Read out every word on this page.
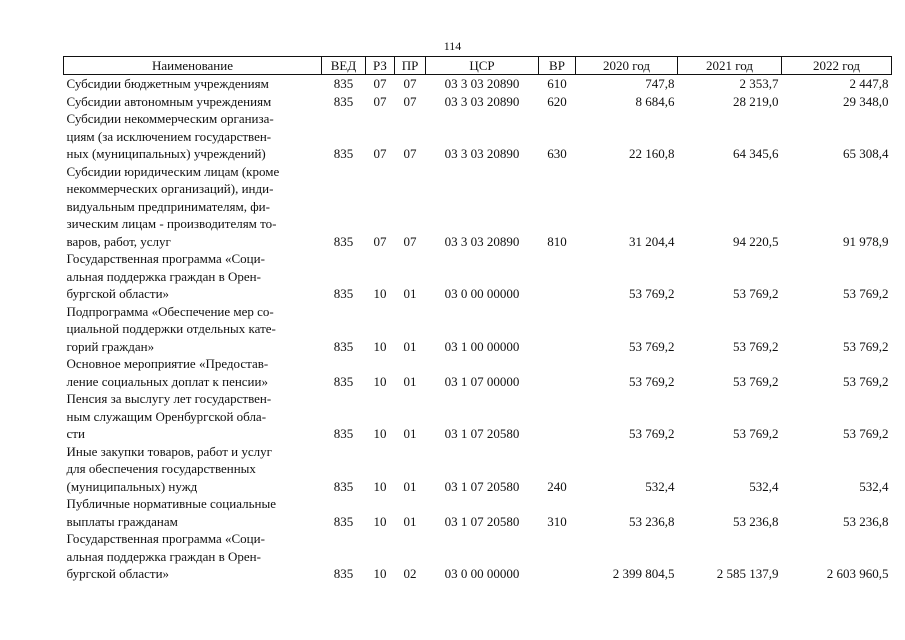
114
Наименование	ВЕД	РЗ	ПР	ЦСР	ВР	2020 год	2021 год	2022 год

Субсидии бюджетным учреждениям	835	07	07	03 3 03 20890	610	747,8	2 353,7	2 447,8

Субсидии автономным учреждениям	835	07	07	03 3 03 20890	620	8 684,6	28 219,0	29 348,0

Субсидии некоммерческим организа-
циям (за исключением государствен-
ных (муниципальных) учреждений)	835	07	07	03 3 03 20890	630	22 160,8	64 345,6	65 308,4

Субсидии юридическим лицам (кроме
некоммерческих организаций), инди-
видуальным предпринимателям, фи-
зическим лицам - производителям то-
варов, работ, услуг	835	07	07	03 3 03 20890	810	31 204,4	94 220,5	91 978,9

Государственная программа «Соци-
альная поддержка граждан в Орен-
бургской области»	835	10	01	03 0 00 00000		53 769,2	53 769,2	53 769,2

Подпрограмма «Обеспечение мер со-
циальной поддержки отдельных кате-
горий граждан»	835	10	01	03 1 00 00000		53 769,2	53 769,2	53 769,2

Основное мероприятие «Предостав-
ление социальных доплат к пенсии»	835	10	01	03 1 07 00000		53 769,2	53 769,2	53 769,2

Пенсия за выслугу лет государствен-
ным служащим Оренбургской обла-
сти	835	10	01	03 1 07 20580		53 769,2	53 769,2	53 769,2

Иные закупки товаров, работ и услуг
для обеспечения государственных
(муниципальных) нужд	835	10	01	03 1 07 20580	240	532,4	532,4	532,4

Публичные нормативные социальные
выплаты гражданам	835	10	01	03 1 07 20580	310	53 236,8	53 236,8	53 236,8

Государственная программа «Соци-
альная поддержка граждан в Орен-
бургской области»	835	10	02	03 0 00 00000		2 399 804,5	2 585 137,9	2 603 960,5
